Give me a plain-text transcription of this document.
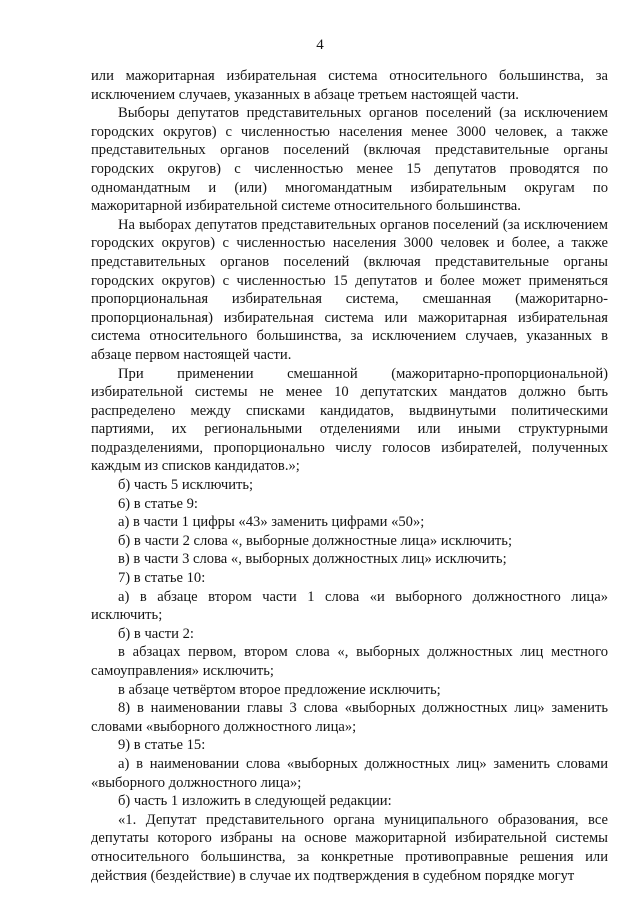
4

или мажоритарная избирательная система относительного большинства, за исключением случаев, указанных в абзаце третьем настоящей части.

Выборы депутатов представительных органов поселений (за исключением городских округов) с численностью населения менее 3000 человек, а также представительных органов поселений (включая представительные органы городских округов) с численностью менее 15 депутатов проводятся по одномандатным и (или) многомандатным избирательным округам по мажоритарной избирательной системе относительного большинства.

На выборах депутатов представительных органов поселений (за исключением городских округов) с численностью населения 3000 человек и более, а также представительных органов поселений (включая представительные органы городских округов) с численностью 15 депутатов и более может применяться пропорциональная избирательная система, смешанная (мажоритарно-пропорциональная) избирательная система или мажоритарная избирательная система относительного большинства, за исключением случаев, указанных в абзаце первом настоящей части.

При применении смешанной (мажоритарно-пропорциональной) избирательной системы не менее 10 депутатских мандатов должно быть распределено между списками кандидатов, выдвинутыми политическими партиями, их региональными отделениями или иными структурными подразделениями, пропорционально числу голосов избирателей, полученных каждым из списков кандидатов.»;

б) часть 5 исключить;

6) в статье 9:

а) в части 1 цифры «43» заменить цифрами «50»;

б) в части 2 слова «, выборные должностные лица» исключить;

в) в части 3 слова «, выборных должностных лиц» исключить;

7) в статье 10:

а) в абзаце втором части 1 слова «и выборного должностного лица» исключить;

б) в части 2:

в абзацах первом, втором слова «, выборных должностных лиц местного самоуправления» исключить;

в абзаце четвёртом второе предложение исключить;

8) в наименовании главы 3 слова «выборных должностных лиц» заменить словами «выборного должностного лица»;

9) в статье 15:

а) в наименовании слова «выборных должностных лиц» заменить словами «выборного должностного лица»;

б) часть 1 изложить в следующей редакции:

«1. Депутат представительного органа муниципального образования, все депутаты которого избраны на основе мажоритарной избирательной системы относительного большинства, за конкретные противоправные решения или действия (бездействие) в случае их подтверждения в судебном порядке могут
